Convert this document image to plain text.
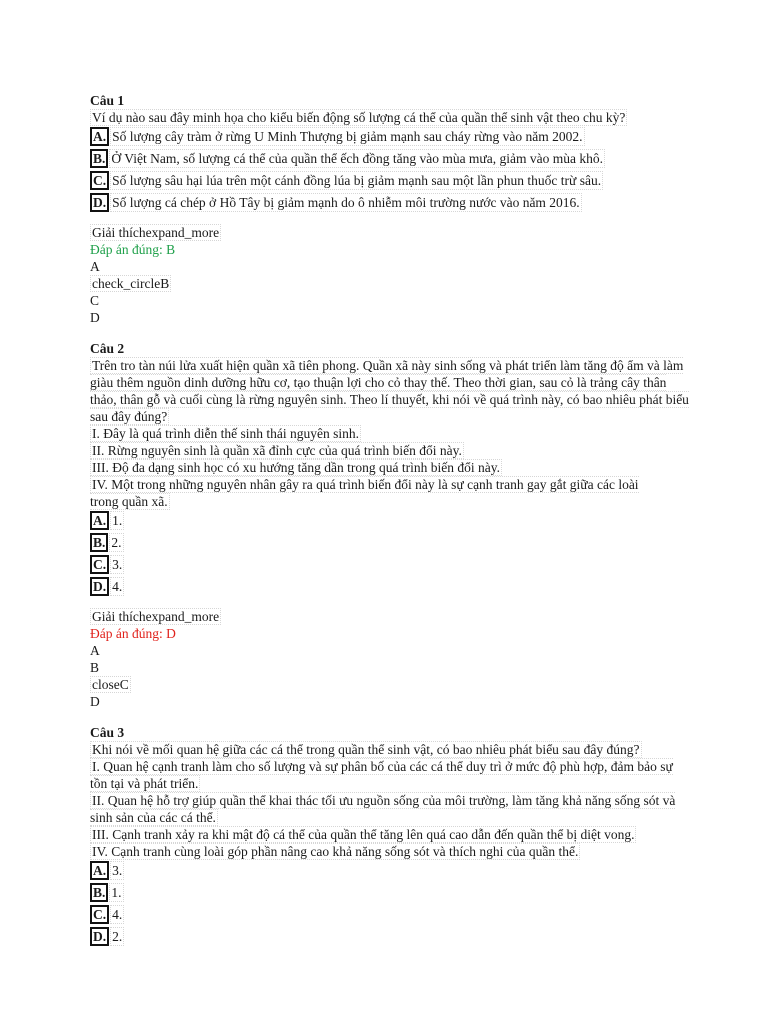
Câu 1
Ví dụ nào sau đây minh họa cho kiểu biến động số lượng cá thể của quần thể sinh vật theo chu kỳ?
A. Số lượng cây tràm ở rừng U Minh Thượng bị giảm mạnh sau cháy rừng vào năm 2002.
B. Ở Việt Nam, số lượng cá thể của quần thể ếch đồng tăng vào mùa mưa, giảm vào mùa khô.
C. Số lượng sâu hại lúa trên một cánh đồng lúa bị giảm mạnh sau một lần phun thuốc trừ sâu.
D. Số lượng cá chép ở Hồ Tây bị giảm mạnh do ô nhiễm môi trường nước vào năm 2016.
Giải thíchexpand_more
Đáp án đúng: B
A
check_circleB
C
D
Câu 2
Trên tro tàn núi lửa xuất hiện quần xã tiên phong. Quần xã này sinh sống và phát triển làm tăng độ ẩm và làm giàu thêm nguồn dinh dưỡng hữu cơ, tạo thuận lợi cho cỏ thay thế. Theo thời gian, sau cỏ là trảng cây thân thảo, thân gỗ và cuối cùng là rừng nguyên sinh. Theo lí thuyết, khi nói về quá trình này, có bao nhiêu phát biểu sau đây đúng?
I. Đây là quá trình diễn thế sinh thái nguyên sinh.
II. Rừng nguyên sinh là quần xã đỉnh cực của quá trình biến đổi này.
III. Độ đa dạng sinh học có xu hướng tăng dần trong quá trình biến đổi này.
IV. Một trong những nguyên nhân gây ra quá trình biến đổi này là sự cạnh tranh gay gắt giữa các loài trong quần xã.
A. 1.
B. 2.
C. 3.
D. 4.
Giải thíchexpand_more
Đáp án đúng: D
A
B
closeC
D
Câu 3
Khi nói về mối quan hệ giữa các cá thể trong quần thể sinh vật, có bao nhiêu phát biểu sau đây đúng?
I. Quan hệ cạnh tranh làm cho số lượng và sự phân bố của các cá thể duy trì ở mức độ phù hợp, đảm bảo sự tồn tại và phát triển.
II. Quan hệ hỗ trợ giúp quần thể khai thác tối ưu nguồn sống của môi trường, làm tăng khả năng sống sót và sinh sản của các cá thể.
III. Cạnh tranh xảy ra khi mật độ cá thể của quần thể tăng lên quá cao dẫn đến quần thể bị diệt vong.
IV. Cạnh tranh cùng loài góp phần nâng cao khả năng sống sót và thích nghi của quần thể.
A. 3.
B. 1.
C. 4.
D. 2.
